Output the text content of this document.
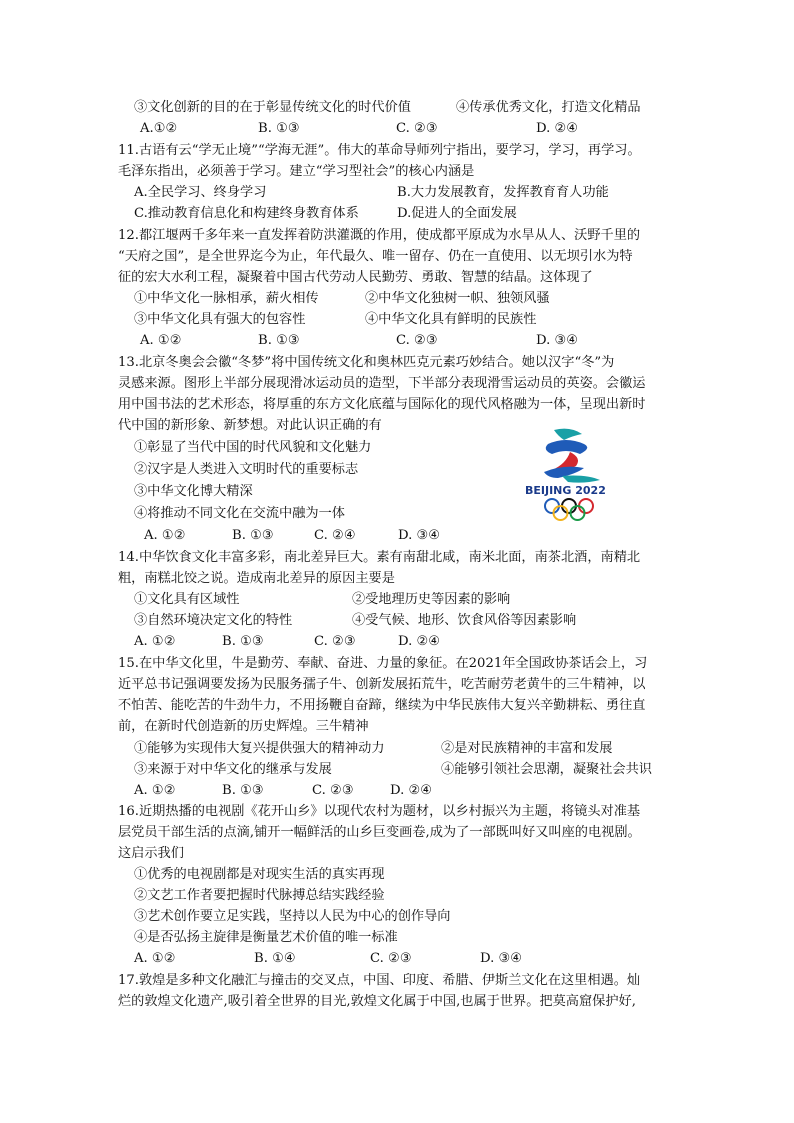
③文化创新的目的在于彰显传统文化的时代价值	④传承优秀文化，打造文化精品
A.①②	B. ①③	C. ②③	D. ②④
11.古语有云“学无止境”“学海无涯”。伟大的革命导师列宁指出，要学习，学习，再学习。
毛泽东指出，必须善于学习。建立“学习型社会”的核心内涵是
A.全民学习、终身学习	B.大力发展教育，发挥教育育人功能
C.推动教育信息化和构建终身教育体系	D.促进人的全面发展
12.都江堰两千多年来一直发挥着防洪灌溉的作用，使成都平原成为水旱从人、沃野千里的
“天府之国”，是全世界迄今为止，年代最久、唯一留存、仍在一直使用、以无坝引水为特
征的宏大水利工程，凝聚着中国古代劳动人民勤劳、勇敢、智慧的结晶。这体现了
①中华文化一脉相承，薪火相传	②中华文化独树一帜、独领风骚
③中华文化具有强大的包容性	④中华文化具有鲜明的民族性
A. ①②	B. ①③	C. ②③	D. ③④
13.北京冬奥会会徽“冬梦”将中国传统文化和奥林匹克元素巧妙结合。她以汉字“冬”为
灵感来源。图形上半部分展现滑冰运动员的造型，下半部分表现滑雪运动员的英姿。会徽运
用中国书法的艺术形态，将厚重的东方文化底蕴与国际化的现代风格融为一体，呈现出新时
代中国的新形象、新梦想。对此认识正确的有
①彰显了当代中国的时代风貌和文化魅力
②汉字是人类进入文明时代的重要标志
③中华文化博大精深
④将推动不同文化在交流中融为一体
A. ①②	B. ①③	C. ②④	D. ③④
BEIJING 2022
14.中华饮食文化丰富多彩，南北差异巨大。素有南甜北咸，南米北面，南茶北酒，南精北
粗，南糕北饺之说。造成南北差异的原因主要是
①文化具有区域性	②受地理历史等因素的影响
③自然环境决定文化的特性	④受气候、地形、饮食风俗等因素影响
A. ①②	B. ①③	C. ②③	D. ②④
15.在中华文化里，牛是勤劳、奉献、奋进、力量的象征。在2021年全国政协茶话会上，习
近平总书记强调要发扬为民服务孺子牛、创新发展拓荒牛，吃苦耐劳老黄牛的三牛精神，以
不怕苦、能吃苦的牛劲牛力，不用扬鞭自奋蹄，继续为中华民族伟大复兴辛勤耕耘、勇往直
前，在新时代创造新的历史辉煌。三牛精神
①能够为实现伟大复兴提供强大的精神动力	②是对民族精神的丰富和发展
③来源于对中华文化的继承与发展	④能够引领社会思潮，凝聚社会共识
A. ①②	B. ①③	C. ②③	D. ②④
16.近期热播的电视剧《花开山乡》以现代农村为题材，以乡村振兴为主题，将镜头对准基
层党员干部生活的点滴,铺开一幅鲜活的山乡巨变画卷,成为了一部既叫好又叫座的电视剧。
这启示我们
①优秀的电视剧都是对现实生活的真实再现
②文艺工作者要把握时代脉搏总结实践经验
③艺术创作要立足实践，坚持以人民为中心的创作导向
④是否弘扬主旋律是衡量艺术价值的唯一标准
A. ①②	B. ①④	C. ②③	D. ③④
17.敦煌是多种文化融汇与撞击的交叉点，中国、印度、希腊、伊斯兰文化在这里相遇。灿
烂的敦煌文化遗产,吸引着全世界的目光,敦煌文化属于中国,也属于世界。把莫高窟保护好,
